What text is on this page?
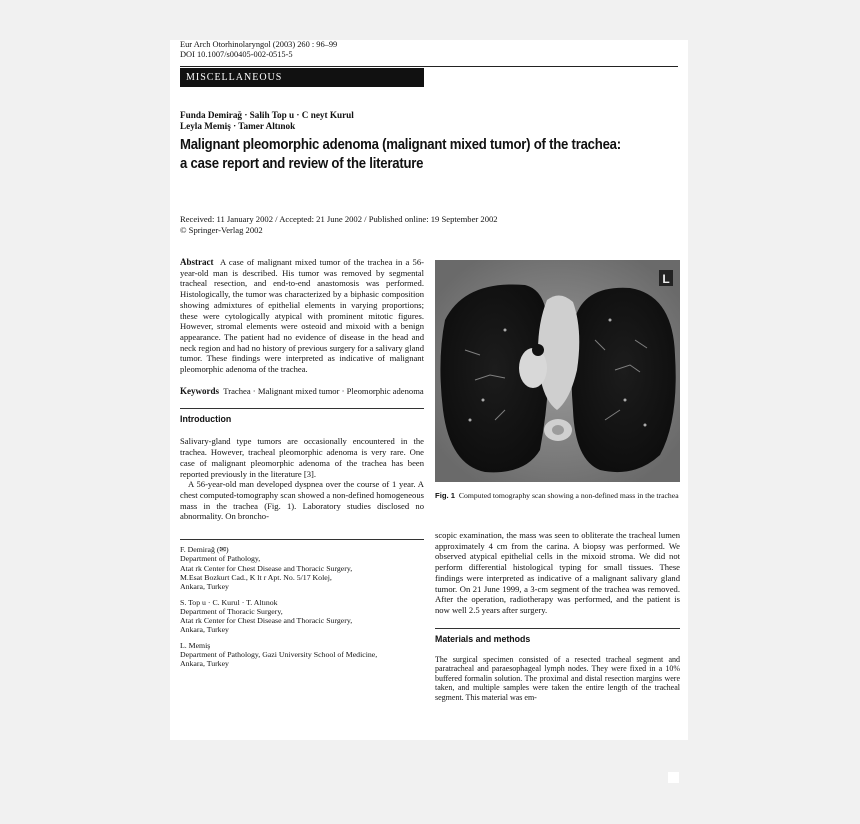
Eur Arch Otorhinolaryngol (2003) 260 : 96–99
DOI 10.1007/s00405-002-0515-5
MISCELLANEOUS
Funda Demirağ · Salih Top u · C neyt Kurul
Leyla Memiş · Tamer Altınok
Malignant pleomorphic adenoma (malignant mixed tumor) of the trachea:
a case report and review of the literature
Received: 11 January 2002 / Accepted: 21 June 2002 / Published online: 19 September 2002
© Springer-Verlag 2002

Abstract A case of malignant mixed tumor of the trachea in a 56-year-old man is described. His tumor was removed by segmental tracheal resection, and end-to-end anastomosis was performed. Histologically, the tumor was characterized by a biphasic composition showing admixtures of epithelial elements in varying proportions; these were cytologically atypical with prominent mitotic figures. However, stromal elements were osteoid and mixoid with a benign appearance. The patient had no evidence of disease in the head and neck region and had no history of previous surgery for a salivary gland tumor. These findings were interpreted as indicative of malignant pleomorphic adenoma of the trachea.

Keywords Trachea · Malignant mixed tumor · Pleomorphic adenoma

Introduction

Salivary-gland type tumors are occasionally encountered in the trachea. However, tracheal pleomorphic adenoma is very rare. One case of malignant pleomorphic adenoma of the trachea has been reported previously in the literature [3].

A 56-year-old man developed dyspnea over the course of 1 year. A chest computed-tomography scan showed a non-defined homogeneous mass in the trachea (Fig. 1). Laboratory studies disclosed no abnormality. On broncho-

F. Demirağ (✉)
Department of Pathology,
Atat rk Center for Chest Disease and Thoracic Surgery,
M.Esat Bozkurt Cad., K lt r Apt. No. 5/17 Kolej,
Ankara, Turkey
S. Top u · C. Kurul · T. Altınok
Department of Thoracic Surgery,
Atat rk Center for Chest Disease and Thoracic Surgery,
Ankara, Turkey
L. Memiş
Department of Pathology, Gazi University School of Medicine,
Ankara, Turkey
L
Fig. 1 Computed tomography scan showing a non-defined mass in the trachea

scopic examination, the mass was seen to obliterate the tracheal lumen approximately 4 cm from the carina. A biopsy was performed. We observed atypical epithelial cells in the mixoid stroma. We did not perform differential histological typing for small tissues. These findings were interpreted as indicative of a malignant salivary gland tumor. On 21 June 1999, a 3-cm segment of the trachea was removed. After the operation, radiotherapy was performed, and the patient is now well 2.5 years after surgery.

Materials and methods

The surgical specimen consisted of a resected tracheal segment and paratracheal and paraesophageal lymph nodes. They were fixed in a 10% buffered formalin solution. The proximal and distal resection margins were taken, and multiple samples were taken the entire length of the tracheal segment. This material was em-
